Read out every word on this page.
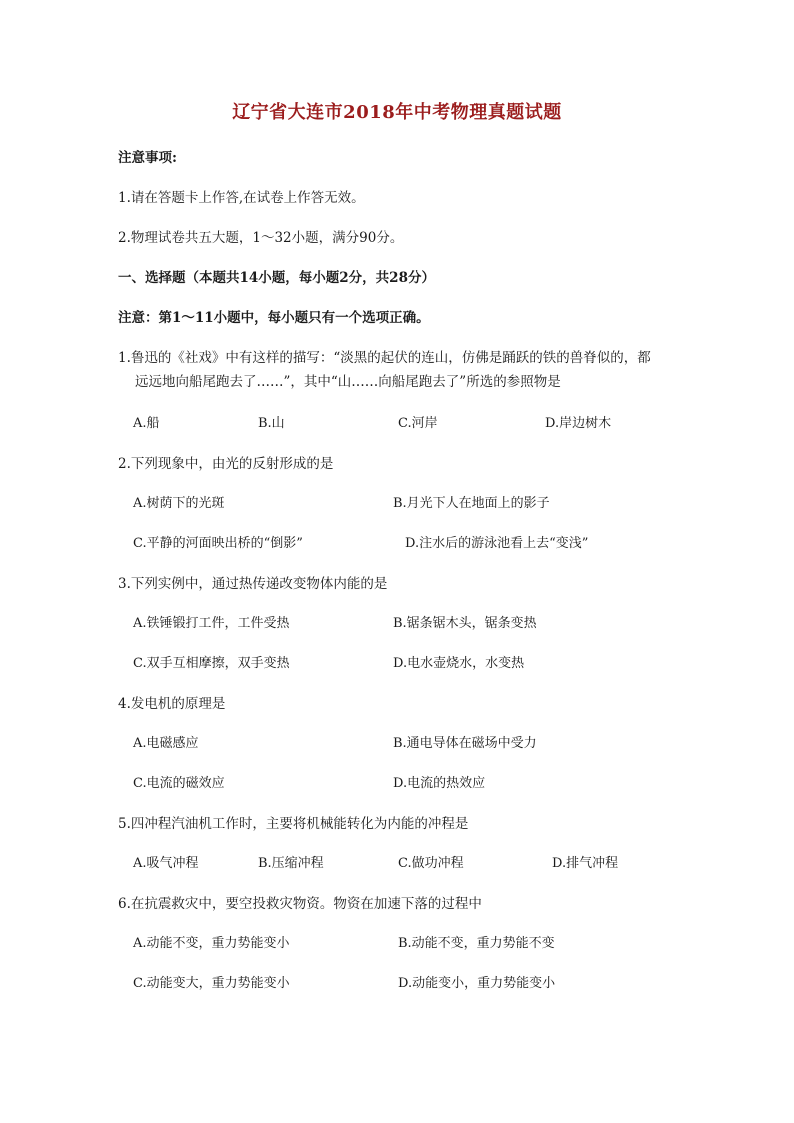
辽宁省大连市2018年中考物理真题试题
注意事项:
1.请在答题卡上作答,在试卷上作答无效。
2.物理试卷共五大题，1～32小题，满分90分。
一、选择题（本题共14小题，每小题2分，共28分）
注意：第1～11小题中，每小题只有一个选项正确。
1.鲁迅的《社戏》中有这样的描写：“淡黑的起伏的连山，仿佛是踊跃的铁的兽脊似的，都
远远地向船尾跑去了……”，其中“山……向船尾跑去了”所选的参照物是
A.船	B.山	C.河岸	D.岸边树木
2.下列现象中，由光的反射形成的是
A.树荫下的光斑	B.月光下人在地面上的影子
C.平静的河面映出桥的“倒影”	D.注水后的游泳池看上去“变浅”
3.下列实例中，通过热传递改变物体内能的是
A.铁锤锻打工件，工件受热	B.锯条锯木头，锯条变热
C.双手互相摩擦，双手变热	D.电水壶烧水，水变热
4.发电机的原理是
A.电磁感应	B.通电导体在磁场中受力
C.电流的磁效应	D.电流的热效应
5.四冲程汽油机工作时，主要将机械能转化为内能的冲程是
A.吸气冲程	B.压缩冲程	C.做功冲程	D.排气冲程
6.在抗震救灾中，要空投救灾物资。物资在加速下落的过程中
A.动能不变，重力势能变小	B.动能不变，重力势能不变
C.动能变大，重力势能变小	D.动能变小，重力势能变小
